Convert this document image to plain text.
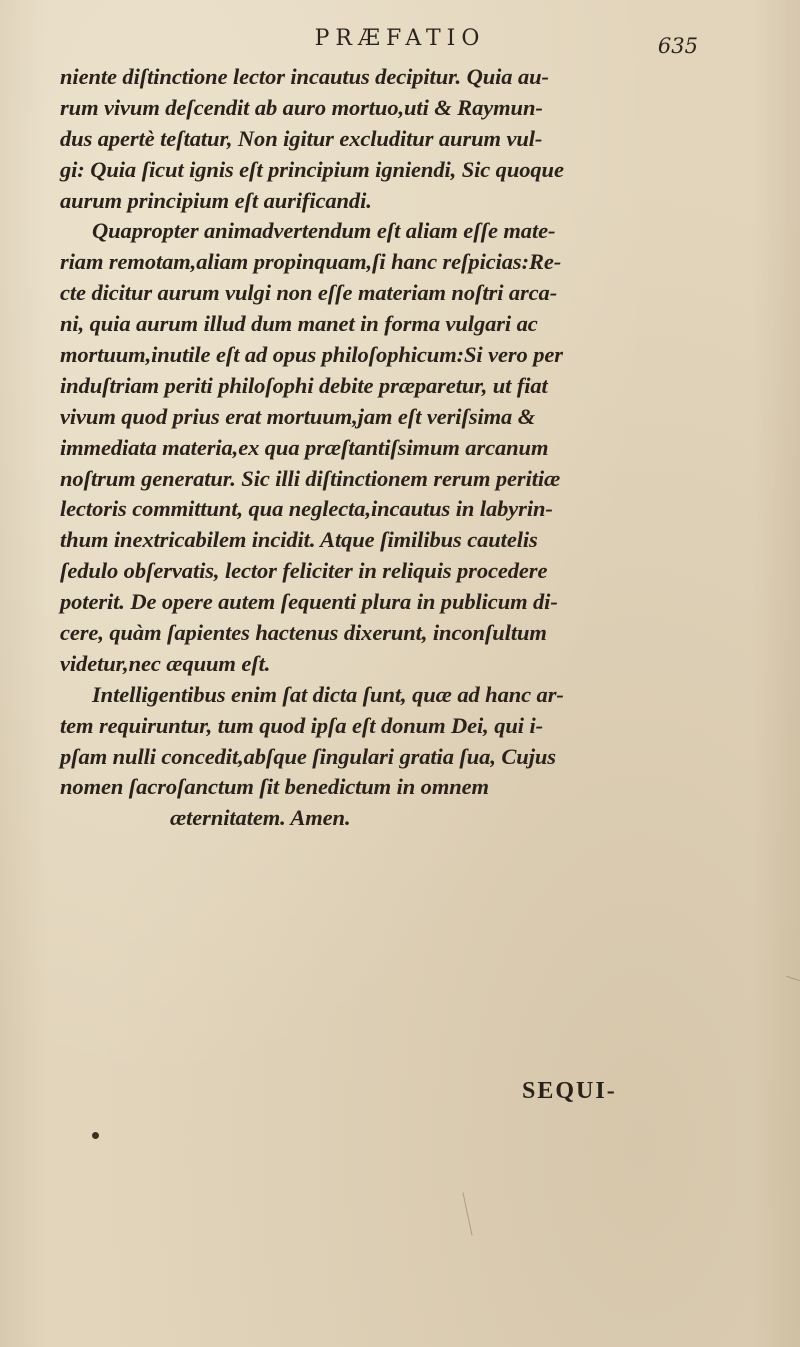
PRÆFATIO	635
niente diſtinctione lector incautus decipitur. Quia au-
rum vivum deſcendit ab auro mortuo,uti & Raymun-
dus apertè teſtatur, Non igitur excluditur aurum vul-
gi: Quia ſicut ignis eſt principium igniendi, Sic quoque
aurum principium eſt aurificandi.
Quapropter animadvertendum eſt aliam eſſe mate-
riam remotam,aliam propinquam,ſi hanc reſpicias:Re-
cte dicitur aurum vulgi non eſſe materiam noſtri arca-
ni, quia aurum illud dum manet in forma vulgari ac
mortuum,inutile eſt ad opus philoſophicum:Si vero per
induſtriam periti philoſophi debite præparetur, ut fiat
vivum quod prius erat mortuum,jam eſt veriſsima &
immediata materia,ex qua præſtantiſsimum arcanum
noſtrum generatur. Sic illi diſtinctionem rerum peritiæ
lectoris committunt, qua neglecta,incautus in labyrin-
thum inextricabilem incidit. Atque ſimilibus cautelis
ſedulo obſervatis, lector feliciter in reliquis procedere
poterit. De opere autem ſequenti plura in publicum di-
cere, quàm ſapientes hactenus dixerunt, inconſultum
videtur,nec æquum eſt.
Intelligentibus enim ſat dicta ſunt, quæ ad hanc ar-
tem requiruntur, tum quod ipſa eſt donum Dei, qui i-
pſam nulli concedit,abſque ſingulari gratia ſua, Cujus
nomen ſacroſanctum ſit benedictum in omnem
æternitatem. Amen.
SEQUI-
